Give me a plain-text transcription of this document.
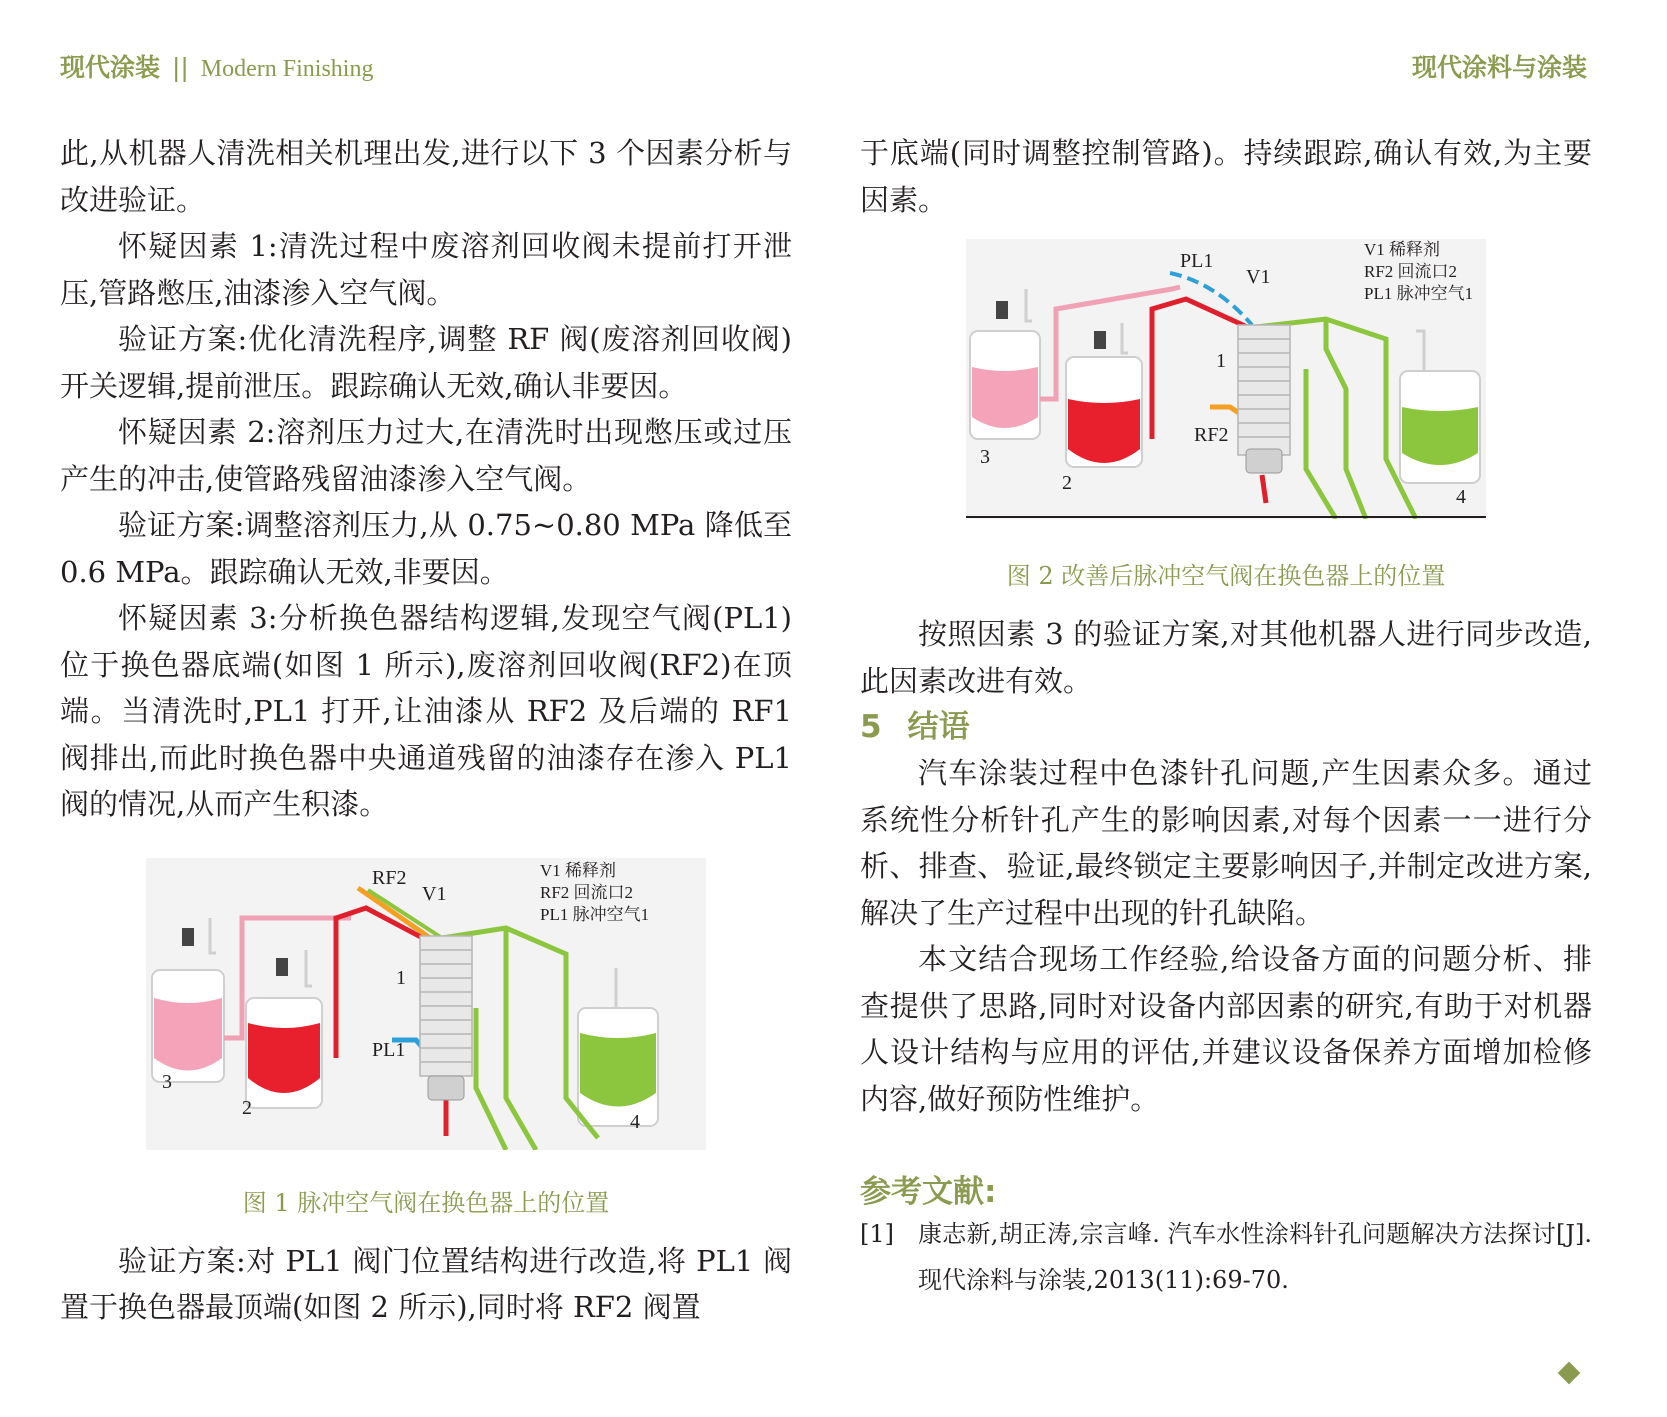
现代涂装 || Modern Finishing	现代涂料与涂装

此,从机器人清洗相关机理出发,进行以下 3 个因素分析与改进验证。

怀疑因素 1:清洗过程中废溶剂回收阀未提前打开泄压,管路憋压,油漆渗入空气阀。

验证方案:优化清洗程序,调整 RF 阀(废溶剂回收阀)开关逻辑,提前泄压。跟踪确认无效,确认非要因。

怀疑因素 2:溶剂压力过大,在清洗时出现憋压或过压产生的冲击,使管路残留油漆渗入空气阀。

验证方案:调整溶剂压力,从 0.75~0.80 MPa 降低至 0.6 MPa。跟踪确认无效,非要因。

怀疑因素 3:分析换色器结构逻辑,发现空气阀(PL1)位于换色器底端(如图 1 所示),废溶剂回收阀(RF2)在顶端。当清洗时,PL1 打开,让油漆从 RF2 及后端的 RF1 阀排出,而此时换色器中央通道残留的油漆存在渗入 PL1 阀的情况,从而产生积漆。

RF2
V1
1
PL1
2
3
4
V1 稀释剂
RF2 回流口2
PL1 脉冲空气1
图 1 脉冲空气阀在换色器上的位置

验证方案:对 PL1 阀门位置结构进行改造,将 PL1 阀置于换色器最顶端(如图 2 所示),同时将 RF2 阀置

于底端(同时调整控制管路)。持续跟踪,确认有效,为主要因素。

PL1
V1
1
RF2
2
3
4
V1 稀释剂
RF2 回流口2
PL1 脉冲空气1
图 2 改善后脉冲空气阀在换色器上的位置

按照因素 3 的验证方案,对其他机器人进行同步改造,此因素改进有效。

5 结语

汽车涂装过程中色漆针孔问题,产生因素众多。通过系统性分析针孔产生的影响因素,对每个因素一一进行分析、排查、验证,最终锁定主要影响因子,并制定改进方案,解决了生产过程中出现的针孔缺陷。

本文结合现场工作经验,给设备方面的问题分析、排查提供了思路,同时对设备内部因素的研究,有助于对机器人设计结构与应用的评估,并建议设备保养方面增加检修内容,做好预防性维护。

参考文献:
[1]	康志新,胡正涛,宗言峰. 汽车水性涂料针孔问题解决方法探讨[J].现代涂料与涂装,2013(11):69-70.
